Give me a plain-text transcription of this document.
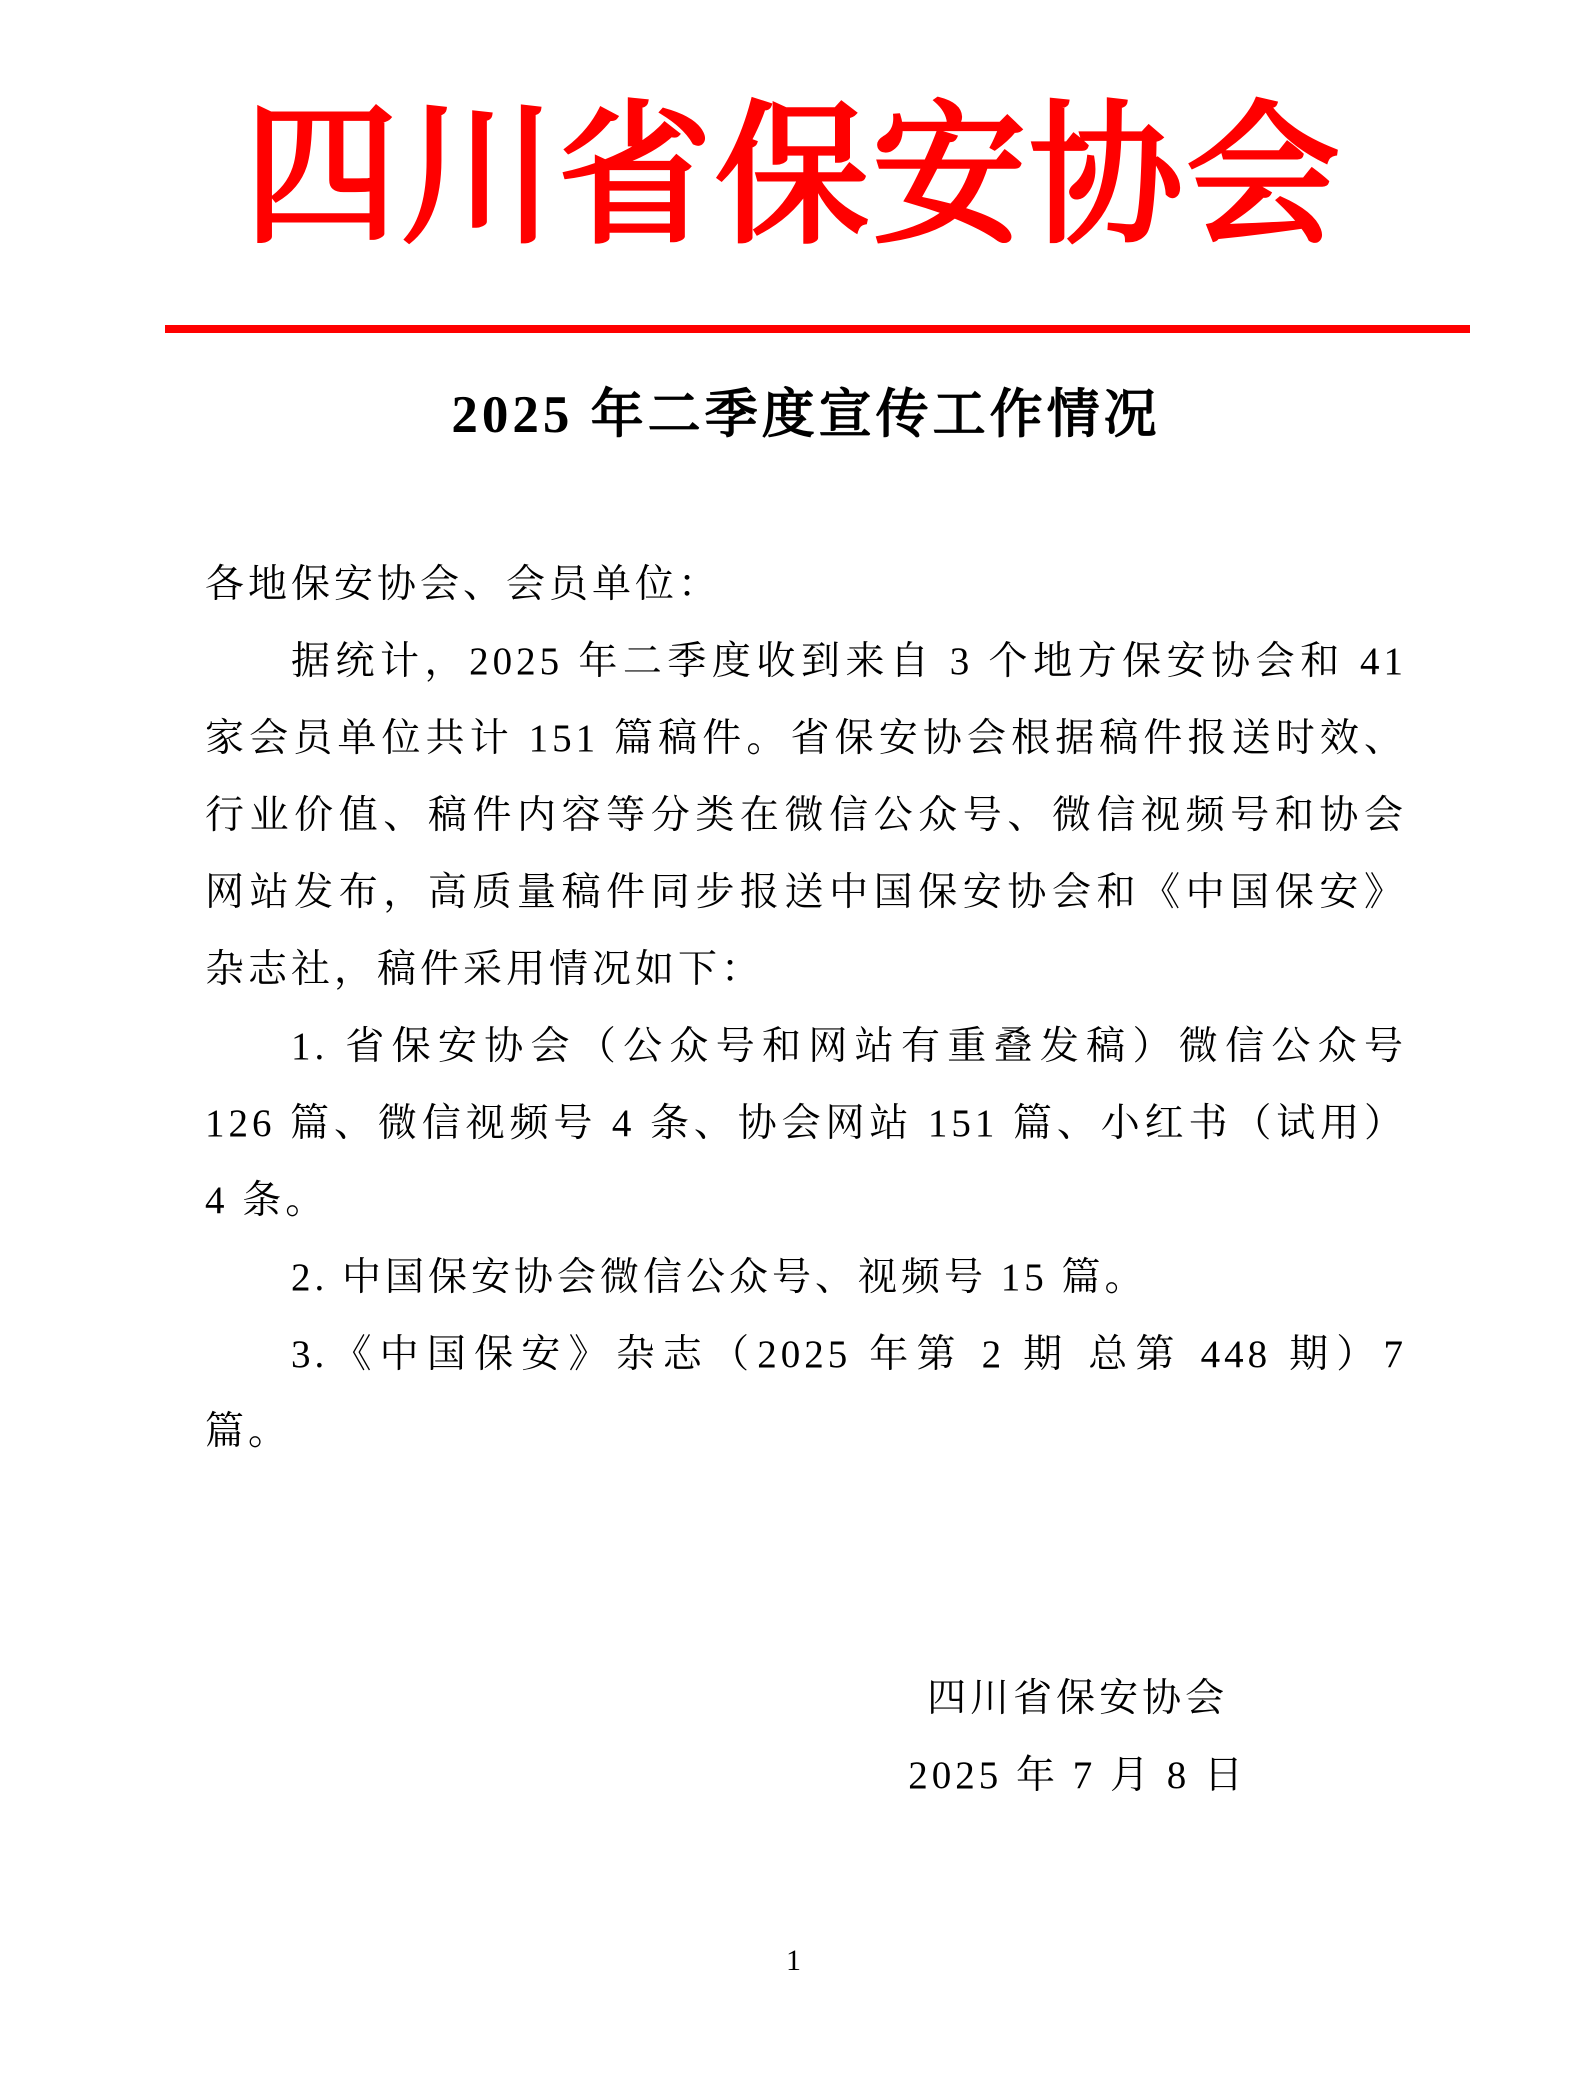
四川省保安协会
2025 年二季度宣传工作情况

各地保安协会、会员单位：

据统计，2025 年二季度收到来自 3 个地方保安协会和 41 家会员单位共计 151 篇稿件。省保安协会根据稿件报送时效、行业价值、稿件内容等分类在微信公众号、微信视频号和协会网站发布，高质量稿件同步报送中国保安协会和《中国保安》杂志社，稿件采用情况如下：

1. 省保安协会（公众号和网站有重叠发稿）微信公众号 126 篇、微信视频号 4 条、协会网站 151 篇、小红书（试用）4 条。

2. 中国保安协会微信公众号、视频号 15 篇。

3.《中国保安》杂志（2025 年第 2 期 总第 448 期）7 篇。

四川省保安协会
2025 年 7 月 8 日
1
